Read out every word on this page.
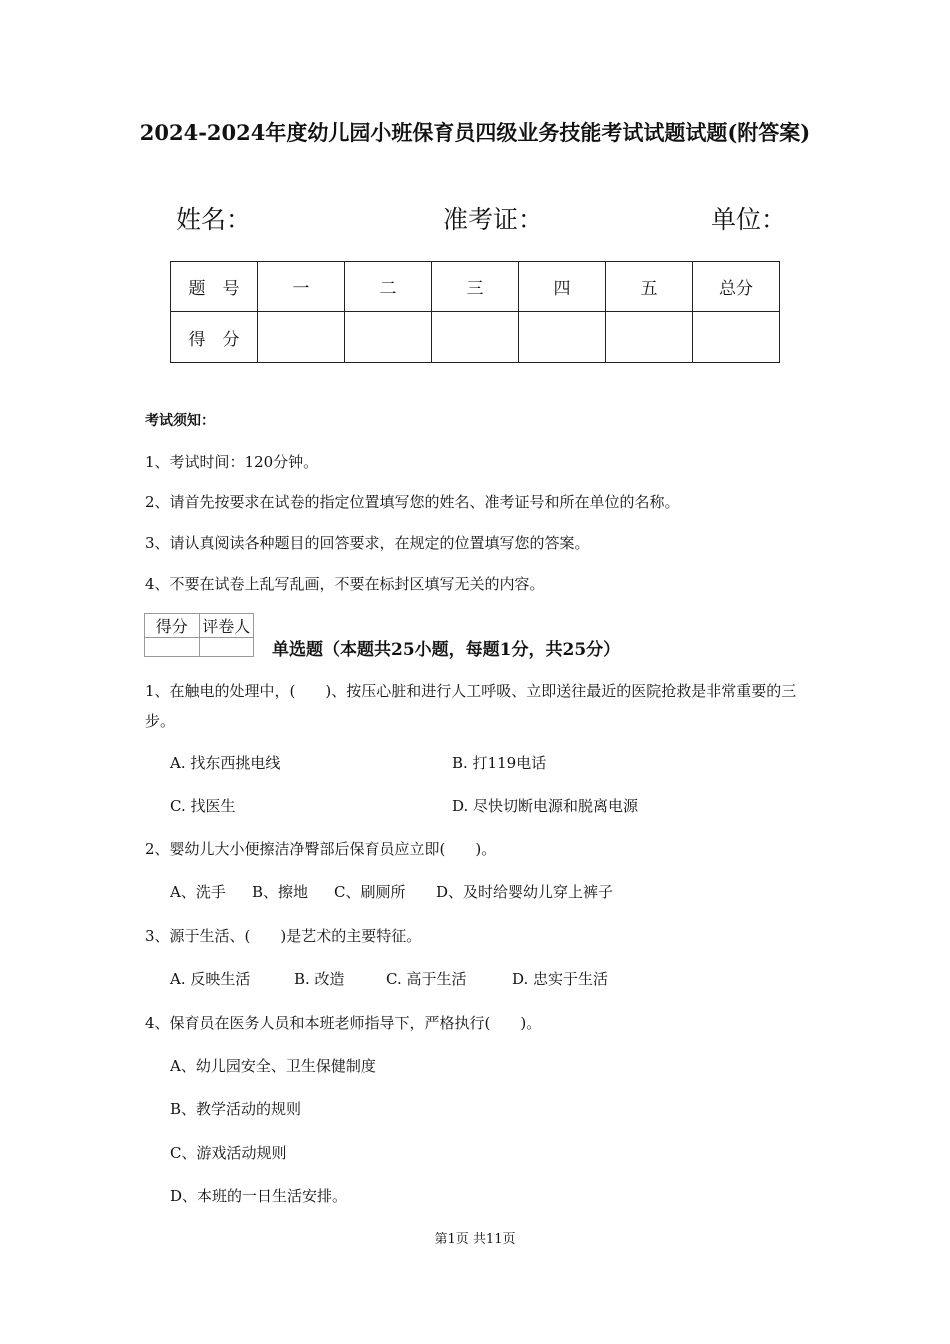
2024-2024年度幼儿园小班保育员四级业务技能考试试题试题(附答案)
姓名：	准考证：	单位：
题　号	一	二	三	四	五	总分
得　分						
考试须知：
1、考试时间：120分钟。
2、请首先按要求在试卷的指定位置填写您的姓名、准考证号和所在单位的名称。
3、请认真阅读各种题目的回答要求，在规定的位置填写您的答案。
4、不要在试卷上乱写乱画，不要在标封区填写无关的内容。
得分	评卷人

单选题（本题共25小题，每题1分，共25分）
1、在触电的处理中，(　　)、按压心脏和进行人工呼吸、立即送往最近的医院抢救是非常重要的三步。
A. 找东西挑电线	B. 打119电话
C. 找医生	D. 尽快切断电源和脱离电源
2、婴幼儿大小便擦洁净臀部后保育员应立即(　　)。
A、洗手 B、擦地 C、刷厕所 D、及时给婴幼儿穿上裤子
3、源于生活、(　　)是艺术的主要特征。
A. 反映生活	B. 改造	C. 高于生活	D. 忠实于生活
4、保育员在医务人员和本班老师指导下，严格执行(　　)。
A、幼儿园安全、卫生保健制度
B、教学活动的规则
C、游戏活动规则
D、本班的一日生活安排。
第1页 共11页
